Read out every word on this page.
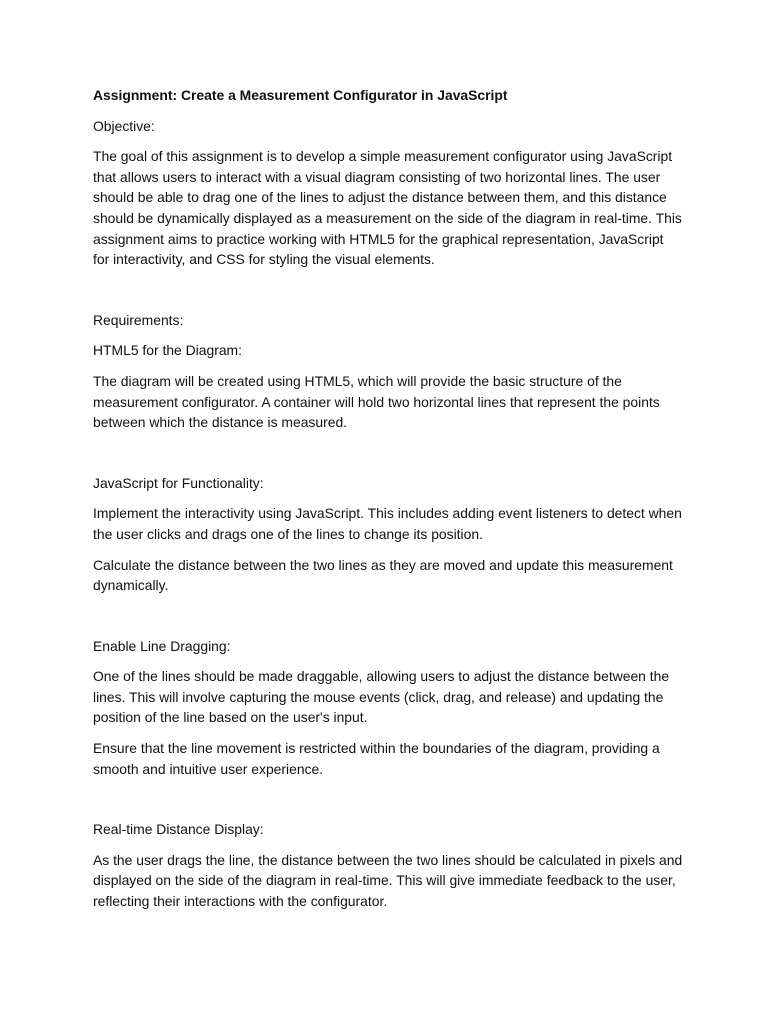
Assignment: Create a Measurement Configurator in JavaScript

Objective:

The goal of this assignment is to develop a simple measurement configurator using JavaScript that allows users to interact with a visual diagram consisting of two horizontal lines. The user should be able to drag one of the lines to adjust the distance between them, and this distance should be dynamically displayed as a measurement on the side of the diagram in real-time. This assignment aims to practice working with HTML5 for the graphical representation, JavaScript for interactivity, and CSS for styling the visual elements.

Requirements:

HTML5 for the Diagram:

The diagram will be created using HTML5, which will provide the basic structure of the measurement configurator. A container will hold two horizontal lines that represent the points between which the distance is measured.

JavaScript for Functionality:

Implement the interactivity using JavaScript. This includes adding event listeners to detect when the user clicks and drags one of the lines to change its position.

Calculate the distance between the two lines as they are moved and update this measurement dynamically.

Enable Line Dragging:

One of the lines should be made draggable, allowing users to adjust the distance between the lines. This will involve capturing the mouse events (click, drag, and release) and updating the position of the line based on the user's input.

Ensure that the line movement is restricted within the boundaries of the diagram, providing a smooth and intuitive user experience.

Real-time Distance Display:

As the user drags the line, the distance between the two lines should be calculated in pixels and displayed on the side of the diagram in real-time. This will give immediate feedback to the user, reflecting their interactions with the configurator.
